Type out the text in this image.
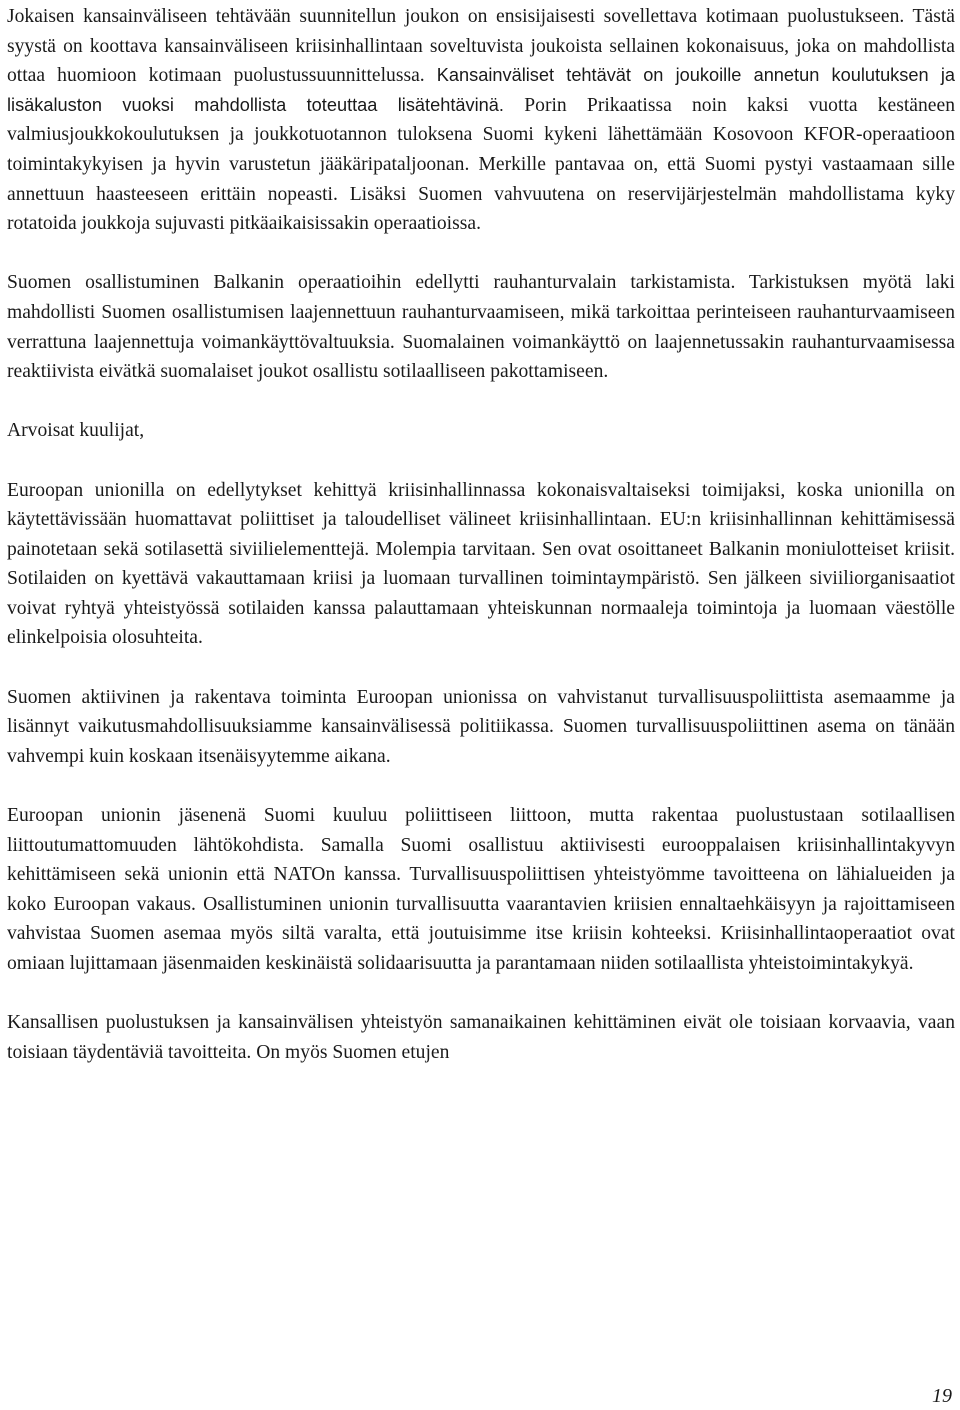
Jokaisen kansainväliseen tehtävään suunnitellun joukon on ensisijaisesti sovellettava kotimaan puolustukseen. Tästä syystä on koottava kansainväliseen kriisinhallintaan soveltuvista joukoista sellainen kokonaisuus, joka on mahdollista ottaa huomioon kotimaan puolustussuunnittelussa. Kansainväliset tehtävät on joukoille annetun koulutuksen ja lisäkaluston vuoksi mahdollista toteuttaa lisätehtävinä. Porin Prikaatissa noin kaksi vuotta kestäneen valmiusjoukkokoulutuksen ja joukkotuotannon tuloksena Suomi kykeni lähettämään Kosovoon KFOR-operaatioon toimintakykyisen ja hyvin varustetun jääkäripataljoonan. Merkille pantavaa on, että Suomi pystyi vastaamaan sille annettuun haasteeseen erittäin nopeasti. Lisäksi Suomen vahvuutena on reservijärjestelmän mahdollistama kyky rotatoida joukkoja sujuvasti pitkäaikaisissakin operaatioissa.

Suomen osallistuminen Balkanin operaatioihin edellytti rauhanturvalain tarkistamista. Tarkistuksen myötä laki mahdollisti Suomen osallistumisen laajennettuun rauhanturvaamiseen, mikä tarkoittaa perinteiseen rauhanturvaamiseen verrattuna laajennettuja voimankäyttövaltuuksia. Suomalainen voimankäyttö on laajennetussakin rauhanturvaamisessa reaktiivista eivätkä suomalaiset joukot osallistu sotilaalliseen pakottamiseen.

Arvoisat kuulijat,

Euroopan unionilla on edellytykset kehittyä kriisinhallinnassa kokonaisvaltaiseksi toimijaksi, koska unionilla on käytettävissään huomattavat poliittiset ja taloudelliset välineet kriisinhallintaan. EU:n kriisinhallinnan kehittämisessä painotetaan sekä sotilasettä siviilielementtejä. Molempia tarvitaan. Sen ovat osoittaneet Balkanin moniulotteiset kriisit. Sotilaiden on kyettävä vakauttamaan kriisi ja luomaan turvallinen toimintaympäristö. Sen jälkeen siviiliorganisaatiot voivat ryhtyä yhteistyössä sotilaiden kanssa palauttamaan yhteiskunnan normaaleja toimintoja ja luomaan väestölle elinkelpoisia olosuhteita.

Suomen aktiivinen ja rakentava toiminta Euroopan unionissa on vahvistanut turvallisuuspoliittista asemaamme ja lisännyt vaikutusmahdollisuuksiamme kansainvälisessä politiikassa. Suomen turvallisuuspoliittinen asema on tänään vahvempi kuin koskaan itsenäisyytemme aikana.

Euroopan unionin jäsenenä Suomi kuuluu poliittiseen liittoon, mutta rakentaa puolustustaan sotilaallisen liittoutumattomuuden lähtökohdista. Samalla Suomi osallistuu aktiivisesti eurooppalaisen kriisinhallintakyvyn kehittämiseen sekä unionin että NATOn kanssa. Turvallisuuspoliittisen yhteistyömme tavoitteena on lähialueiden ja koko Euroopan vakaus. Osallistuminen unionin turvallisuutta vaarantavien kriisien ennaltaehkäisyyn ja rajoittamiseen vahvistaa Suomen asemaa myös siltä varalta, että joutuisimme itse kriisin kohteeksi. Kriisinhallintaoperaatiot ovat omiaan lujittamaan jäsenmaiden keskinäistä solidaarisuutta ja parantamaan niiden sotilaallista yhteistoimintakykyä.

Kansallisen puolustuksen ja kansainvälisen yhteistyön samanaikainen kehittäminen eivät ole toisiaan korvaavia, vaan toisiaan täydentäviä tavoitteita. On myös Suomen etujen

19
